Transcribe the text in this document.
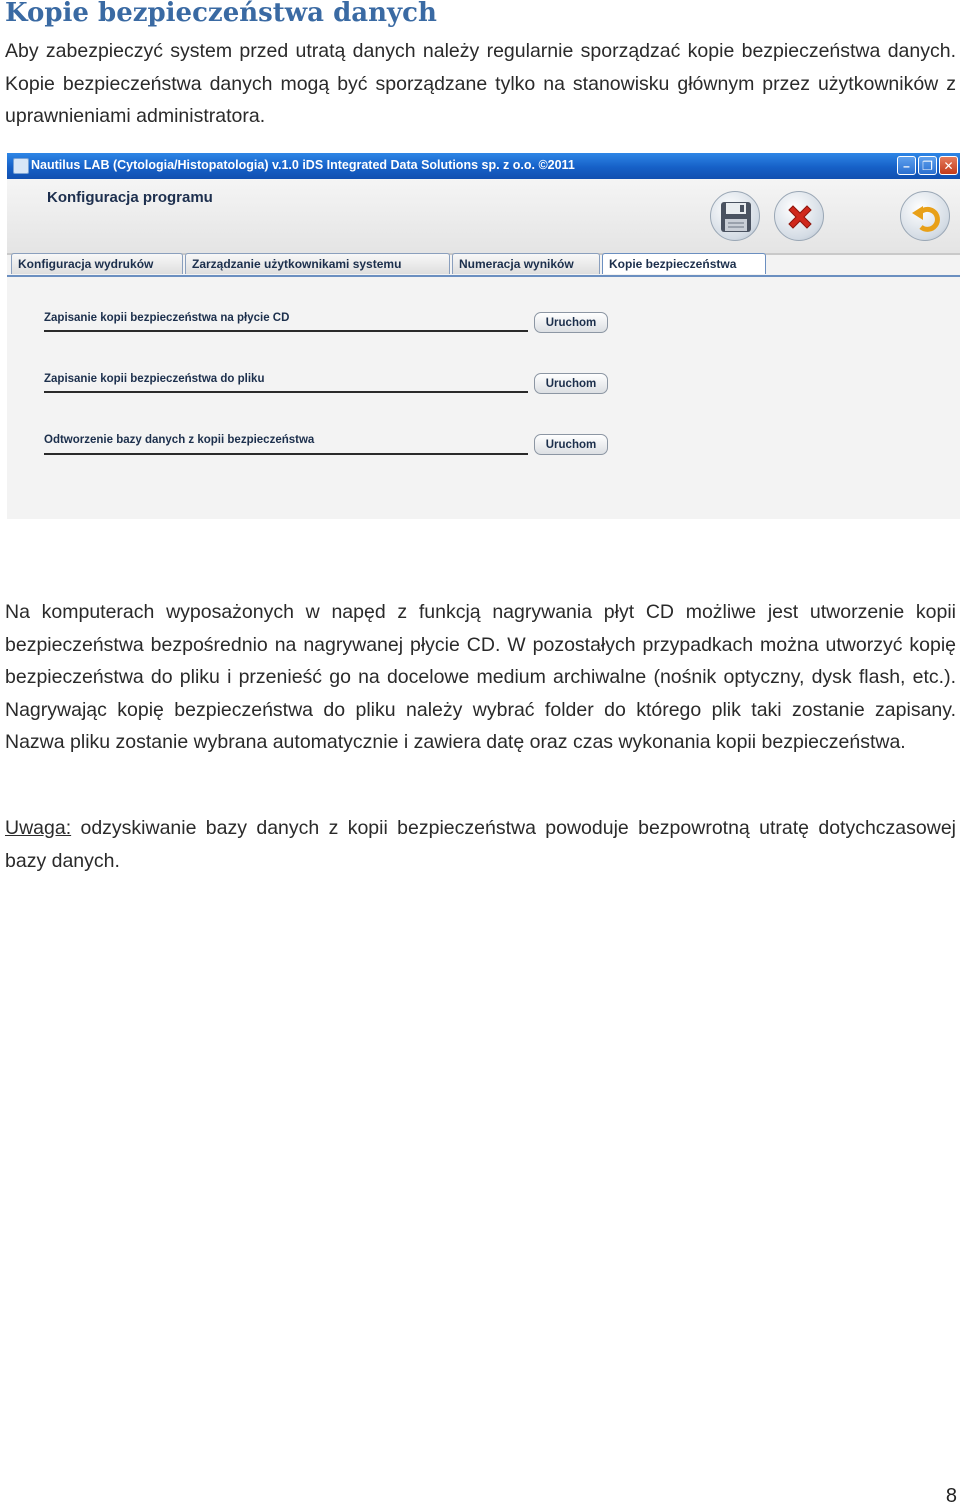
Kopie bezpieczeństwa danych

Aby zabezpieczyć system przed utratą danych należy regularnie sporządzać kopie bezpieczeństwa danych. Kopie bezpieczeństwa danych mogą być sporządzane tylko na stanowisku głównym przez użytkowników z uprawnieniami administratora.

Nautilus LAB (Cytologia/Histopatologia) v.1.0 iDS Integrated Data Solutions sp. z o.o. ©2011	–	❐ ✕
Konfiguracja programu
Konfiguracja wydruków	Zarządzanie użytkownikami systemu	Numeracja wyników	Kopie bezpieczeństwa
Zapisanie kopii bezpieczeństwa na płycie CD	Uruchom
Zapisanie kopii bezpieczeństwa do pliku	Uruchom
Odtworzenie bazy danych z kopii bezpieczeństwa	Uruchom

Na komputerach wyposażonych w napęd z funkcją nagrywania płyt CD możliwe jest utworzenie kopii bezpieczeństwa bezpośrednio na nagrywanej płycie CD. W pozostałych przypadkach można utworzyć kopię bezpieczeństwa do pliku i przenieść go na docelowe medium archiwalne (nośnik optyczny, dysk flash, etc.). Nagrywając kopię bezpieczeństwa do pliku należy wybrać folder do którego plik taki zostanie zapisany. Nazwa pliku zostanie wybrana automatycznie i zawiera datę oraz czas wykonania kopii bezpieczeństwa.

Uwaga: odzyskiwanie bazy danych z kopii bezpieczeństwa powoduje bezpowrotną utratę dotychczasowej bazy danych.

8
